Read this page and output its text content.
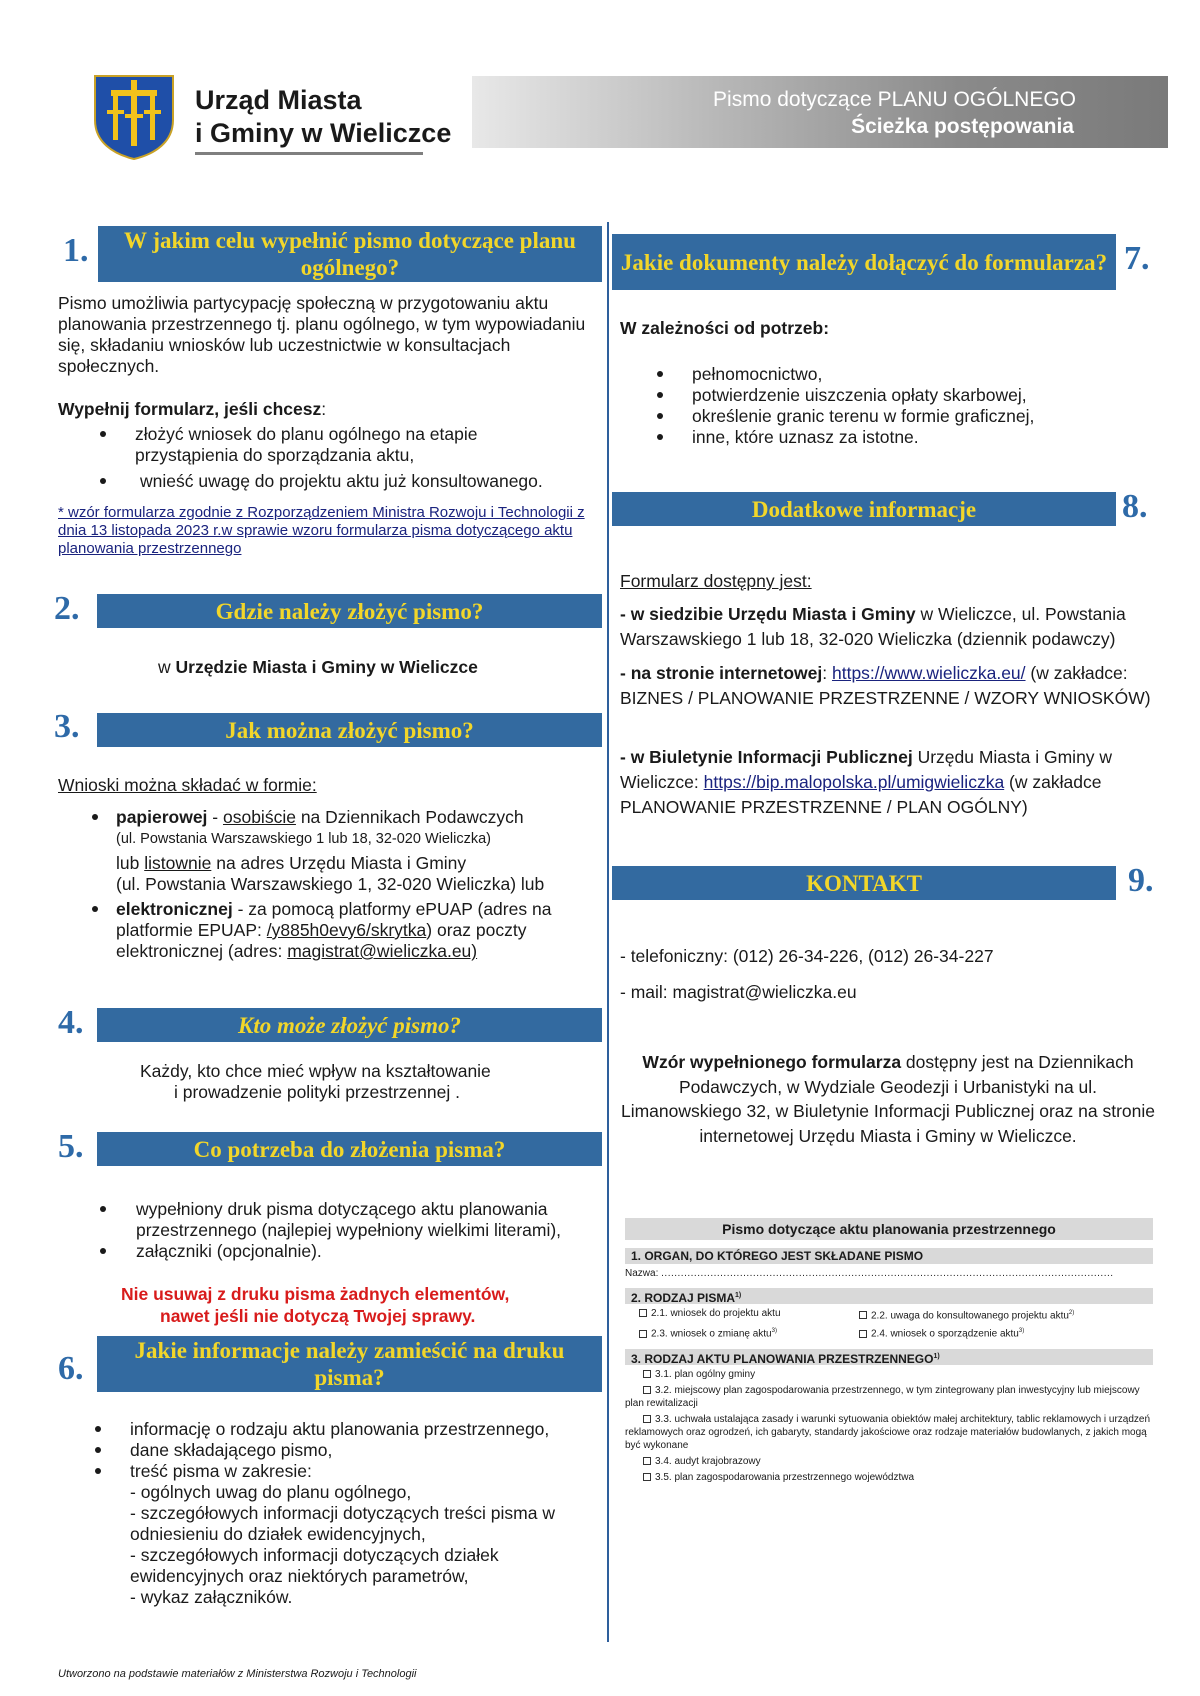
Urząd Miasta
i Gminy w Wieliczce
Pismo dotyczące PLANU OGÓLNEGO
Ścieżka postępowania
1.	W jakim celu wypełnić pismo dotyczące planu ogólnego?
Pismo umożliwia partycypację społeczną w przygotowaniu aktu planowania przestrzennego tj. planu ogólnego, w tym wypowiadaniu się, składaniu wniosków lub uczestnictwie w konsultacjach społecznych.
Wypełnij formularz, jeśli chcesz:
złożyć wniosek do planu ogólnego na etapie przystąpienia do sporządzania aktu,
wnieść uwagę do projektu aktu już konsultowanego.
* wzór formularza zgodnie z Rozporządzeniem Ministra Rozwoju i Technologii z dnia 13 listopada 2023 r.w sprawie wzoru formularza pisma dotyczącego aktu planowania przestrzennego
2.	Gdzie należy złożyć pismo?
w Urzędzie Miasta i Gminy w Wieliczce
3.	Jak można złożyć pismo?
Wnioski można składać w formie:
papierowej - osobiście na Dziennikach Podawczych
(ul. Powstania Warszawskiego 1 lub 18, 32-020 Wieliczka)
lub listownie na adres Urzędu Miasta i Gminy
(ul. Powstania Warszawskiego 1, 32-020 Wieliczka) lub
elektronicznej - za pomocą platformy ePUAP (adres na platformie EPUAP: /y885h0evy6/skrytka) oraz poczty elektronicznej (adres: magistrat@wieliczka.eu)
4.	Kto może złożyć pismo?
Każdy, kto chce mieć wpływ na kształtowanie
i prowadzenie polityki przestrzennej .
5.	Co potrzeba do złożenia pisma?
wypełniony druk pisma dotyczącego aktu planowania przestrzennego (najlepiej wypełniony wielkimi literami),
załączniki (opcjonalnie).
Nie usuwaj z druku pisma żadnych elementów,
nawet jeśli nie dotyczą Twojej sprawy.
6.	Jakie informacje należy zamieścić na druku pisma?
informację o rodzaju aktu planowania przestrzennego,
dane składającego pismo,
treść pisma w zakresie:
- ogólnych uwag do planu ogólnego,
- szczegółowych informacji dotyczących treści pisma w odniesieniu do działek ewidencyjnych,
- szczegółowych informacji dotyczących działek ewidencyjnych oraz niektórych parametrów,
- wykaz załączników.
Jakie dokumenty należy dołączyć do formularza? 7.
W zależności od potrzeb:
pełnomocnictwo,
potwierdzenie uiszczenia opłaty skarbowej,
określenie granic terenu w formie graficznej,
inne, które uznasz za istotne.
Dodatkowe informacje	8.
Formularz dostępny jest:
- w siedzibie Urzędu Miasta i Gminy w Wieliczce, ul. Powstania Warszawskiego 1 lub 18, 32-020 Wieliczka (dziennik podawczy)
- na stronie internetowej: https://www.wieliczka.eu/ (w zakładce: BIZNES / PLANOWANIE PRZESTRZENNE / WZORY WNIOSKÓW)
- w Biuletynie Informacji Publicznej Urzędu Miasta i Gminy w Wieliczce: https://bip.malopolska.pl/umigwieliczka (w zakładce PLANOWANIE PRZESTRZENNE / PLAN OGÓLNY)
KONTAKT	9.
- telefoniczny: (012) 26-34-226, (012) 26-34-227
- mail: magistrat@wieliczka.eu
Wzór wypełnionego formularza dostępny jest na Dziennikach Podawczych, w Wydziale Geodezji i Urbanistyki na ul. Limanowskiego 32, w Biuletynie Informacji Publicznej oraz na stronie internetowej Urzędu Miasta i Gminy w Wieliczce.
Pismo dotyczące aktu planowania przestrzennego
1. ORGAN, DO KTÓREGO JEST SKŁADANE PISMO
Nazwa: ..........................................................................................................................................
2. RODZAJ PISMA$^{1)}$
2.1. wniosek do projektu aktu	2.2. uwaga do konsultowanego projektu aktu$^{2)}$
2.3. wniosek o zmianę aktu$^{3)}$	2.4. wniosek o sporządzenie aktu$^{3)}$
3. RODZAJ AKTU PLANOWANIA PRZESTRZENNEGO$^{1)}$
3.1. plan ogólny gminy
3.2. miejscowy plan zagospodarowania przestrzennego, w tym zintegrowany plan inwestycyjny lub miejscowy plan rewitalizacji
3.3. uchwała ustalająca zasady i warunki sytuowania obiektów małej architektury, tablic reklamowych i urządzeń reklamowych oraz ogrodzeń, ich gabaryty, standardy jakościowe oraz rodzaje materiałów budowlanych, z jakich mogą być wykonane
3.4. audyt krajobrazowy
3.5. plan zagospodarowania przestrzennego województwa
Utworzono na podstawie materiałów z Ministerstwa Rozwoju i Technologii
